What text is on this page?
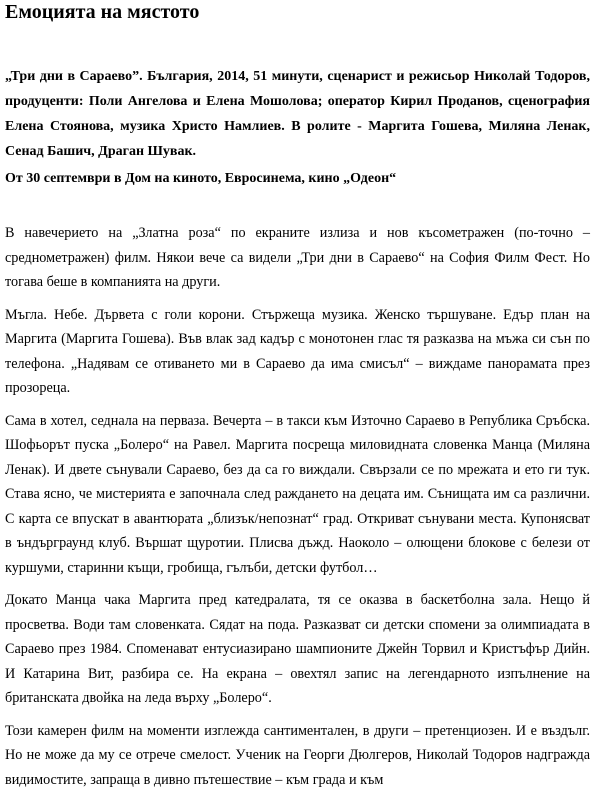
Емоцията на мястото
„Три дни в Сараево”. България, 2014, 51 минути, сценарист и режисьор Николай Тодоров, продуценти: Поли Ангелова и Елена Мошолова; оператор Кирил Проданов, сценография Елена Стоянова, музика Христо Намлиев. В ролите - Маргита Гошева, Миляна Ленак, Сенад Башич, Драган Шувак.
От 30 септември в Дом на киното, Евросинема, кино „Одеон“

В навечерието на „Златна роза“ по екраните излиза и нов късометражен (по-точно – среднометражен) филм. Някои вече са видели „Три дни в Сараево“ на София Филм Фест. Но тогава беше в компанията на други.

Мъгла. Небе. Дървета с голи корони. Стържеща музика. Женско тършуване. Едър план на Маргита (Маргита Гошева). Във влак зад кадър с монотонен глас тя разказва на мъжа си сън по телефона. „Надявам се отиването ми в Сараево да има смисъл“ – виждаме панорамата през прозореца.

Сама в хотел, седнала на перваза. Вечерта – в такси към Източно Сараево в Република Сръбска. Шофьорът пуска „Болеро“ на Равел. Маргита посреща миловидната словенка Манца (Миляна Ленак). И двете сънували Сараево, без да са го виждали. Свързали се по мрежата и ето ги тук. Става ясно, че мистерията е започнала след раждането на децата им. Сънищата им са различни. С карта се впускат в авантюрата „близък/непознат“ град. Откриват сънувани места. Купонясват в ъндърграунд клуб. Вършат щуротии. Плисва дъжд. Наоколо – олющени блокове с белези от куршуми, старинни къщи, гробища, гълъби, детски футбол…

Докато Манца чака Маргита пред катедралата, тя се оказва в баскетболна зала. Нещо й просветва. Води там словенката. Сядат на пода. Разказват си детски спомени за олимпиадата в Сараево през 1984. Споменават ентусиазирано шампионите Джейн Торвил и Кристъфър Дийн. И Катарина Вит, разбира се. На екрана – овехтял запис на легендарното изпълнение на британската двойка на леда върху „Болеро“.

Този камерен филм на моменти изглежда сантиментален, в други – претенциозен. И е въздълг. Но не може да му се отрече смелост. Ученик на Георги Дюлгеров, Николай Тодоров надгражда видимостите, запраща в дивно пътешествие – към града и към
